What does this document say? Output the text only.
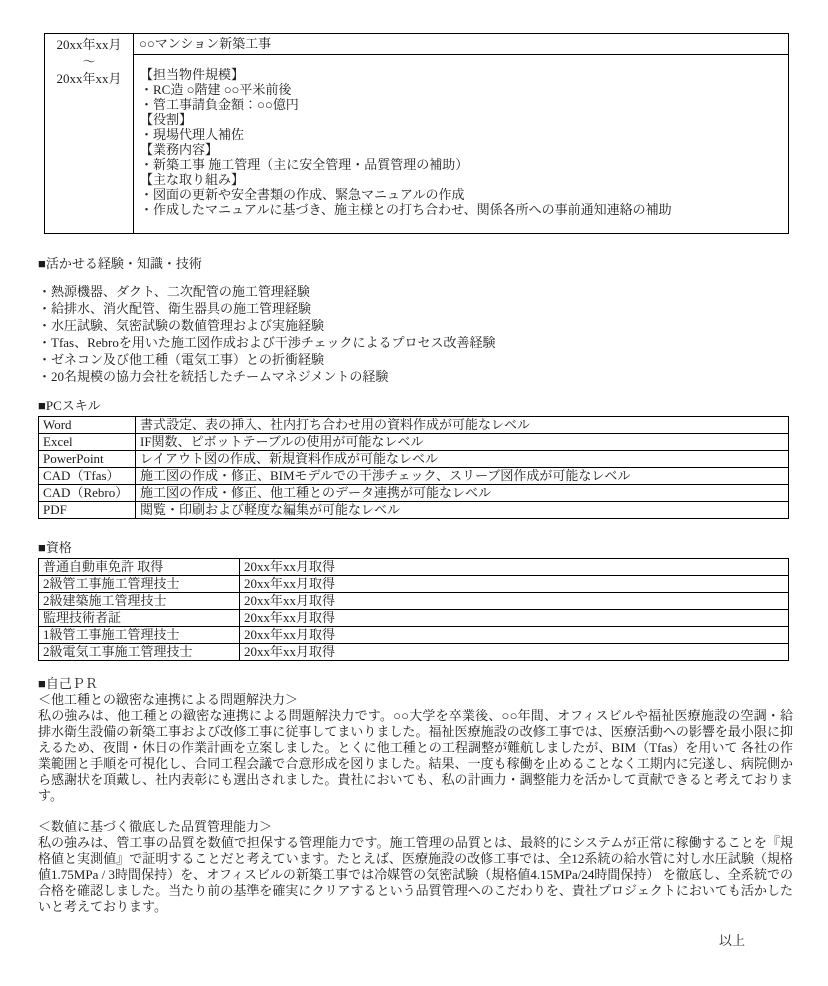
20xx年xx月
～
20xx年xx月
	○○マンション新築工事

【担当物件規模】
・RC造 ○階建 ○○平米前後
・管工事請負金額：○○億円
【役割】
・現場代理人補佐
【業務内容】
・新築工事 施工管理（主に安全管理・品質管理の補助）
【主な取り組み】
・図面の更新や安全書類の作成、緊急マニュアルの作成
・作成したマニュアルに基づき、施主様との打ち合わせ、関係各所への事前通知連絡の補助
■活かせる経験・知識・技術
・熱源機器、ダクト、二次配管の施工管理経験
・給排水、消火配管、衛生器具の施工管理経験
・水圧試験、気密試験の数値管理および実施経験
・Tfas、Rebroを用いた施工図作成および干渉チェックによるプロセス改善経験
・ゼネコン及び他工種（電気工事）との折衝経験
・20名規模の協力会社を統括したチームマネジメントの経験
■PCスキル
Word	書式設定、表の挿入、社内打ち合わせ用の資料作成が可能なレベル
Excel	IF関数、ピボットテーブルの使用が可能なレベル
PowerPoint	レイアウト図の作成、新規資料作成が可能なレベル
CAD（Tfas）	施工図の作成・修正、BIMモデルでの干渉チェック、スリーブ図作成が可能なレベル
CAD（Rebro）	施工図の作成・修正、他工種とのデータ連携が可能なレベル
PDF	閲覧・印刷および軽度な編集が可能なレベル
■資格
普通自動車免許 取得	20xx年xx月取得
2級管工事施工管理技士	20xx年xx月取得
2級建築施工管理技士	20xx年xx月取得
監理技術者証	20xx年xx月取得
1級管工事施工管理技士	20xx年xx月取得
2級電気工事施工管理技士	20xx年xx月取得
■自己ＰＲ
＜他工種との緻密な連携による問題解決力＞
私の強みは、他工種との緻密な連携による問題解決力です。○○大学を卒業後、○○年間、オフィスビルや福祉医療施設の空調・給排水衛生設備の新築工事および改修工事に従事してまいりました。福祉医療施設の改修工事では、医療活動への影響を最小限に抑えるため、夜間・休日の作業計画を立案しました。とくに他工種との工程調整が難航しましたが、BIM（Tfas）を用いて 各社の作業範囲と手順を可視化し、合同工程会議で合意形成を図りました。結果、一度も稼働を止めることなく工期内に完遂し、病院側から感謝状を頂戴し、社内表彰にも選出されました。貴社においても、私の計画力・調整能力を活かして貢献できると考えております。
＜数値に基づく徹底した品質管理能力＞
私の強みは、管工事の品質を数値で担保する管理能力です。施工管理の品質とは、最終的にシステムが正常に稼働することを『規格値と実測値』で証明することだと考えています。たとえば、医療施設の改修工事では、全12系統の給水管に対し水圧試験（規格値1.75MPa / 3時間保持）を、オフィスビルの新築工事では冷媒管の気密試験（規格値4.15MPa/24時間保持） を徹底し、全系統での合格を確認しました。当たり前の基準を確実にクリアするという品質管理へのこだわりを、貴社プロジェクトにおいても活かしたいと考えております。
以上
